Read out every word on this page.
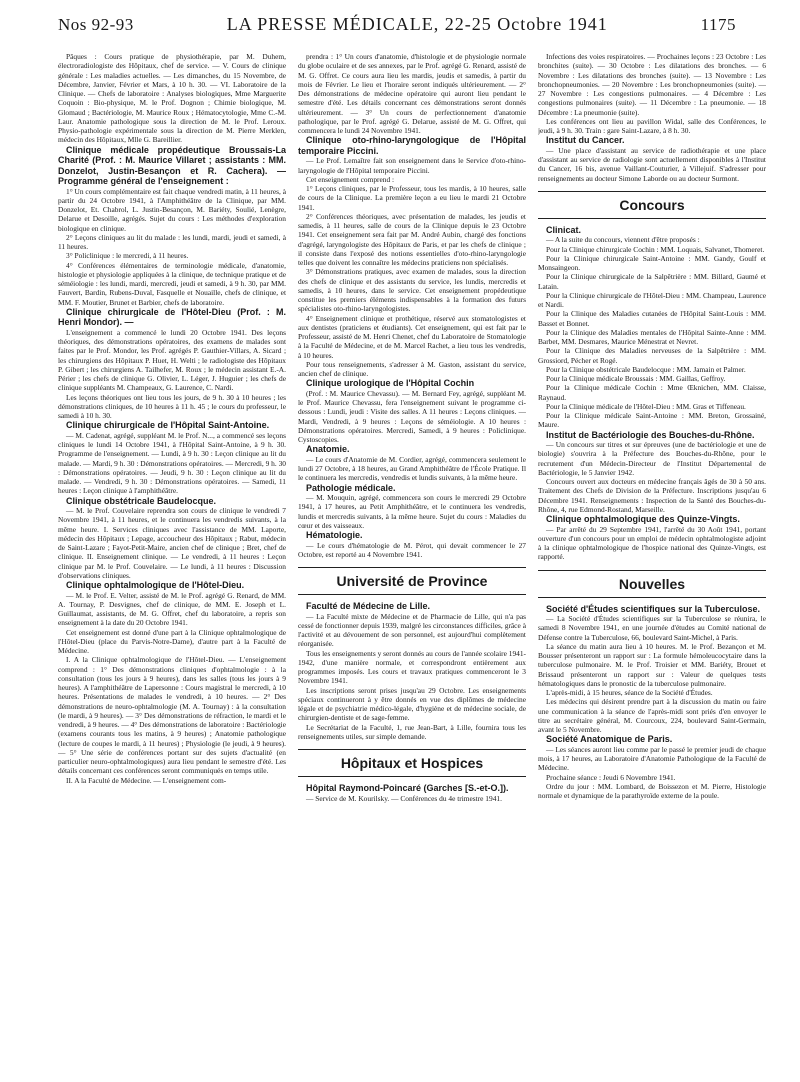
Nos 92-93	LA PRESSE MÉDICALE, 22-25 Octobre 1941	1175

Pâques : Cours pratique de physiothérapie, par M. Duhem, électroradiologiste des Hôpitaux, chef de service. — V. Cours de clinique générale : Les maladies actuelles. — Les dimanches, du 15 Novembre, de Décembre, Janvier, Février et Mars, à 10 h. 30. — VI. Laboratoire de la Clinique. — Chefs de laboratoire : Analyses biologiques, Mme Marguerite Coquoin : Bio-physique, M. le Prof. Dognon ; Chimie biologique, M. Glomaud ; Bactériologie, M. Maurice Roux ; Hématocytologie, Mme C.-M. Laur. Anatomie pathologique sous la direction de M. le Prof. Leroux. Physio-pathologie expérimentale sous la direction de M. Pierre Merklen, médecin des Hôpitaux, Mlle G. Bareillier.

Clinique médicale propédeutique Broussais-La Charité (Prof. : M. Maurice Villaret ; assistants : MM. Donzelot, Justin-Besançon et R. Cachera). — Programme général de l'enseignement :

1° Un cours complémentaire est fait chaque vendredi matin, à 11 heures, à partir du 24 Octobre 1941, à l'Amphithéâtre de la Clinique, par MM. Donzelot, Et. Chabrol, L. Justin-Besançon, M. Bariéty, Soulié, Lenègre, Delarue et Desoille, agrégés. Sujet du cours : Les méthodes d'exploration biologique en clinique.

2° Leçons cliniques au lit du malade : les lundi, mardi, jeudi et samedi, à 11 heures.

3° Policlinique : le mercredi, à 11 heures.

4° Conférences élémentaires de terminologie médicale, d'anatomie, histologie et physiologie appliquées à la clinique, de technique pratique et de séméiologie : les lundi, mardi, mercredi, jeudi et samedi, à 9 h. 30, par MM. Fauvert, Bardin, Rubens-Duval, Fasquelle et Nouaille, chefs de clinique, et MM. F. Moutier, Brunet et Barbier, chefs de laboratoire.

Clinique chirurgicale de l'Hôtel-Dieu (Prof. : M. Henri Mondor). —

L'enseignement a commencé le lundi 20 Octobre 1941. Des leçons théoriques, des démonstrations opératoires, des examens de malades sont faites par le Prof. Mondor, les Prof. agrégés P. Gauthier-Villars, A. Sicard ; les chirurgiens des Hôpitaux P. Huet, H. Welti ; le radiologiste des Hôpitaux P. Gibert ; les chirurgiens A. Tailhefer, M. Roux ; le médecin assistant E.-A. Périer ; les chefs de clinique G. Olivier, L. Léger, J. Huguier ; les chefs de clinique suppléants M. Champeaux, G. Laurence, C. Nardi.

Les leçons théoriques ont lieu tous les jours, de 9 h. 30 à 10 heures ; les démonstrations cliniques, de 10 heures à 11 h. 45 ; le cours du professeur, le samedi à 10 h. 30.

Clinique chirurgicale de l'Hôpital Saint-Antoine.

— M. Cadenat, agrégé, suppléant M. le Prof. N..., a commencé ses leçons cliniques le lundi 14 Octobre 1941, à l'Hôpital Saint-Antoine, à 9 h. 30. Programme de l'enseignement. — Lundi, à 9 h. 30 : Leçon clinique au lit du malade. — Mardi, 9 h. 30 : Démonstrations opératoires. — Mercredi, 9 h. 30 : Démonstrations opératoires. — Jeudi, 9 h. 30 : Leçon clinique au lit du malade. — Vendredi, 9 h. 30 : Démonstrations opératoires. — Samedi, 11 heures : Leçon clinique à l'amphithéâtre.

Clinique obstétricale Baudelocque.

— M. le Prof. Couvelaire reprendra son cours de clinique le vendredi 7 Novembre 1941, à 11 heures, et le continuera les vendredis suivants, à la même heure. I. Services cliniques avec l'assistance de MM. Laporte, médecin des Hôpitaux ; Lepage, accoucheur des Hôpitaux ; Rabut, médecin de Saint-Lazare ; Fayot-Petit-Maire, ancien chef de clinique ; Bret, chef de clinique. II. Enseignement clinique. — Le vendredi, à 11 heures : Leçon clinique par M. le Prof. Couvelaire. — Le lundi, à 11 heures : Discussion d'observations cliniques.

Clinique ophtalmologique de l'Hôtel-Dieu.

— M. le Prof. E. Velter, assisté de M. le Prof. agrégé G. Renard, de MM. A. Tournay, P. Desvignes, chef de clinique, de MM. E. Joseph et L. Guillaumat, assistants, de M. G. Offret, chef du laboratoire, a repris son enseignement à la date du 20 Octobre 1941.

Cet enseignement est donné d'une part à la Clinique ophtalmologique de l'Hôtel-Dieu (place du Parvis-Notre-Dame), d'autre part à la Faculté de Médecine.

I. A la Clinique ophtalmologique de l'Hôtel-Dieu. — L'enseignement comprend : 1° Des démonstrations cliniques d'ophtalmologie : à la consultation (tous les jours à 9 heures), dans les salles (tous les jours à 9 heures). A l'amphithéâtre de Lapersonne : Cours magistral le mercredi, à 10 heures. Présentations de malades le vendredi, à 10 heures. — 2° Des démonstrations de neuro-ophtalmologie (M. A. Tournay) : à la consultation (le mardi, à 9 heures). — 3° Des démonstrations de réfraction, le mardi et le vendredi, à 9 heures. — 4° Des démonstrations de laboratoire : Bactériologie (examens courants tous les matins, à 9 heures) ; Anatomie pathologique (lecture de coupes le mardi, à 11 heures) ; Physiologie (le jeudi, à 9 heures). — 5° Une série de conférences portant sur des sujets d'actualité (en particulier neuro-ophtalmologiques) aura lieu pendant le semestre d'été. Les détails concernant ces conférences seront communiqués en temps utile.

II. A la Faculté de Médecine. — L'enseignement com-

prendra : 1° Un cours d'anatomie, d'histologie et de physiologie normale du globe oculaire et de ses annexes, par le Prof. agrégé G. Renard, assisté de M. G. Offret. Ce cours aura lieu les mardis, jeudis et samedis, à partir du mois de Février. Le lieu et l'horaire seront indiqués ultérieurement. — 2° Des démonstrations de médecine opératoire qui auront lieu pendant le semestre d'été. Les détails concernant ces démonstrations seront donnés ultérieurement. — 3° Un cours de perfectionnement d'anatomie pathologique, par le Prof. agrégé G. Delarue, assisté de M. G. Offret, qui commencera le lundi 24 Novembre 1941.

Clinique oto-rhino-laryngologique de l'Hôpital temporaire Piccini.

— Le Prof. Lemaître fait son enseignement dans le Service d'oto-rhino-laryngologie de l'Hôpital temporaire Piccini.

Cet enseignement comprend :

1° Leçons cliniques, par le Professeur, tous les mardis, à 10 heures, salle de cours de la Clinique. La première leçon a eu lieu le mardi 21 Octobre 1941.

2° Conférences théoriques, avec présentation de malades, les jeudis et samedis, à 11 heures, salle de cours de la Clinique depuis le 23 Octobre 1941. Cet enseignement sera fait par M. André Aubin, chargé des fonctions d'agrégé, laryngologiste des Hôpitaux de Paris, et par les chefs de clinique ; il consiste dans l'exposé des notions essentielles d'oto-rhino-laryngologie telles que doivent les connaître les médecins praticiens non spécialisés.

3° Démonstrations pratiques, avec examen de malades, sous la direction des chefs de clinique et des assistants du service, les lundis, mercredis et samedis, à 10 heures, dans le service. Cet enseignement propédeutique constitue les premiers éléments indispensables à la formation des futurs spécialistes oto-rhino-laryngologistes.

4° Enseignement clinique et prothétique, réservé aux stomatologistes et aux dentistes (praticiens et étudiants). Cet enseignement, qui est fait par le Professeur, assisté de M. Henri Chenet, chef du Laboratoire de Stomatologie à la Faculté de Médecine, et de M. Marcel Rachet, a lieu tous les vendredis, à 10 heures.

Pour tous renseignements, s'adresser à M. Gaston, assistant du service, ancien chef de clinique.

Clinique urologique de l'Hôpital Cochin

(Prof. : M. Maurice Chevassu). — M. Bernard Fey, agrégé, suppléant M. le Prof. Maurice Chevassu, fera l'enseignement suivant le programme ci-dessous : Lundi, jeudi : Visite des salles. A 11 heures : Leçons cliniques. — Mardi, Vendredi, à 9 heures : Leçons de séméiologie. A 10 heures : Démonstrations opératoires. Mercredi, Samedi, à 9 heures : Policlinique. Cystoscopies.

Anatomie.

— Le cours d'Anatomie de M. Cordier, agrégé, commencera seulement le lundi 27 Octobre, à 18 heures, au Grand Amphithéâtre de l'École Pratique. Il le continuera les mercredis, vendredis et lundis suivants, à la même heure.

Pathologie médicale.

— M. Mouquin, agrégé, commencera son cours le mercredi 29 Octobre 1941, à 17 heures, au Petit Amphithéâtre, et le continuera les vendredis, lundis et mercredis suivants, à la même heure. Sujet du cours : Maladies du cœur et des vaisseaux.

Hématologie.

— Le cours d'hématologie de M. Pérot, qui devait commencer le 27 Octobre, est reporté au 4 Novembre 1941.

Université de Province

Faculté de Médecine de Lille.

— La Faculté mixte de Médecine et de Pharmacie de Lille, qui n'a pas cessé de fonctionner depuis 1939, malgré les circonstances difficiles, grâce à l'activité et au dévouement de son personnel, est aujourd'hui complètement réorganisée.

Tous les enseignements y seront donnés au cours de l'année scolaire 1941-1942, d'une manière normale, et correspondront entièrement aux programmes imposés. Les cours et travaux pratiques commenceront le 3 Novembre 1941.

Les inscriptions seront prises jusqu'au 29 Octobre. Les enseignements spéciaux continueront à y être donnés en vue des diplômes de médecine légale et de psychiatrie médico-légale, d'hygiène et de médecine sociale, de chirurgien-dentiste et de sage-femme.

Le Secrétariat de la Faculté, 1, rue Jean-Bart, à Lille, fournira tous les renseignements utiles, sur simple demande.

Hôpitaux et Hospices

Hôpital Raymond-Poincaré (Garches [S.-et-O.]).

— Service de M. Kourilsky. — Conférences du 4e trimestre 1941.

Infections des voies respiratoires. — Prochaines leçons : 23 Octobre : Les bronchites (suite). — 30 Octobre : Les dilatations des bronches. — 6 Novembre : Les dilatations des bronches (suite). — 13 Novembre : Les bronchopneumonies. — 20 Novembre : Les bronchopneumonies (suite). — 27 Novembre : Les congestions pulmonaires. — 4 Décembre : Les congestions pulmonaires (suite). — 11 Décembre : La pneumonie. — 18 Décembre : La pneumonie (suite).

Les conférences ont lieu au pavillon Widal, salle des Conférences, le jeudi, à 9 h. 30. Train : gare Saint-Lazare, à 8 h. 30.

Institut du Cancer.

— Une place d'assistant au service de radiothérapie et une place d'assistant au service de radiologie sont actuellement disponibles à l'Institut du Cancer, 16 bis, avenue Vaillant-Couturier, à Villejuif. S'adresser pour renseignements au docteur Simone Laborde ou au docteur Surmont.

Concours

Clinicat.

— A la suite du concours, viennent d'être proposés :

Pour la Clinique chirurgicale Cochin : MM. Loquais, Salvanet, Thomeret.

Pour la Clinique chirurgicale Saint-Antoine : MM. Gandy, Goulf et Monsaingeon.

Pour la Clinique chirurgicale de la Salpêtrière : MM. Billard, Gaumé et Latain.

Pour la Clinique chirurgicale de l'Hôtel-Dieu : MM. Champeau, Laurence et Nardi.

Pour la Clinique des Maladies cutanées de l'Hôpital Saint-Louis : MM. Basset et Bonnet.

Pour la Clinique des Maladies mentales de l'Hôpital Sainte-Anne : MM. Barbet, MM. Desmares, Maurice Ménestrat et Nevret.

Pour la Clinique des Maladies nerveuses de la Salpêtrière : MM. Grossiord, Pécher et Rogé.

Pour la Clinique obstétricale Baudelocque : MM. Jamain et Palmer.

Pour la Clinique médicale Broussais : MM. Gaillas, Geffroy.

Pour la Clinique médicale Cochin : Mme Œknichen, MM. Claisse, Raynaud.

Pour la Clinique médicale de l'Hôtel-Dieu : MM. Gras et Tiffeneau.

Pour la Clinique médicale Saint-Antoine : MM. Breton, Grossainé, Maure.

Institut de Bactériologie des Bouches-du-Rhône.

— Un concours sur titres et sur épreuves (une de bactériologie et une de biologie) s'ouvrira à la Préfecture des Bouches-du-Rhône, pour le recrutement d'un Médecin-Directeur de l'Institut Départemental de Bactériologie, le 5 Janvier 1942.

Concours ouvert aux docteurs en médecine français âgés de 30 à 50 ans. Traitement des Chefs de Division de la Préfecture. Inscriptions jusqu'au 6 Décembre 1941. Renseignements : Inspection de la Santé des Bouches-du-Rhône, 4, rue Edmond-Rostand, Marseille.

Clinique ophtalmologique des Quinze-Vingts.

— Par arrêté du 29 Septembre 1941, l'arrêté du 30 Août 1941, portant ouverture d'un concours pour un emploi de médecin ophtalmologiste adjoint à la clinique ophtalmologique de l'hospice national des Quinze-Vingts, est rapporté.

Nouvelles

Société d'Études scientifiques sur la Tuberculose.

— La Société d'Études scientifiques sur la Tuberculose se réunira, le samedi 8 Novembre 1941, en une journée d'études au Comité national de Défense contre la Tuberculose, 66, boulevard Saint-Michel, à Paris.

La séance du matin aura lieu à 10 heures. M. le Prof. Bezançon et M. Bousser présenteront un rapport sur : La formule hémoleucocytaire dans la tuberculose pulmonaire. M. le Prof. Troisier et MM. Bariéty, Brouet et Brissaud présenteront un rapport sur : Valeur de quelques tests hématologiques dans le pronostic de la tuberculose pulmonaire.

L'après-midi, à 15 heures, séance de la Société d'Études.

Les médecins qui désirent prendre part à la discussion du matin ou faire une communication à la séance de l'après-midi sont priés d'en envoyer le titre au secrétaire général, M. Courcoux, 224, boulevard Saint-Germain, avant le 5 Novembre.

Société Anatomique de Paris.

— Les séances auront lieu comme par le passé le premier jeudi de chaque mois, à 17 heures, au Laboratoire d'Anatomie Pathologique de la Faculté de Médecine.

Prochaine séance : Jeudi 6 Novembre 1941.

Ordre du jour : MM. Lombard, de Boissezon et M. Pierre, Histologie normale et dynamique de la parathyroïde externe de la poule.
